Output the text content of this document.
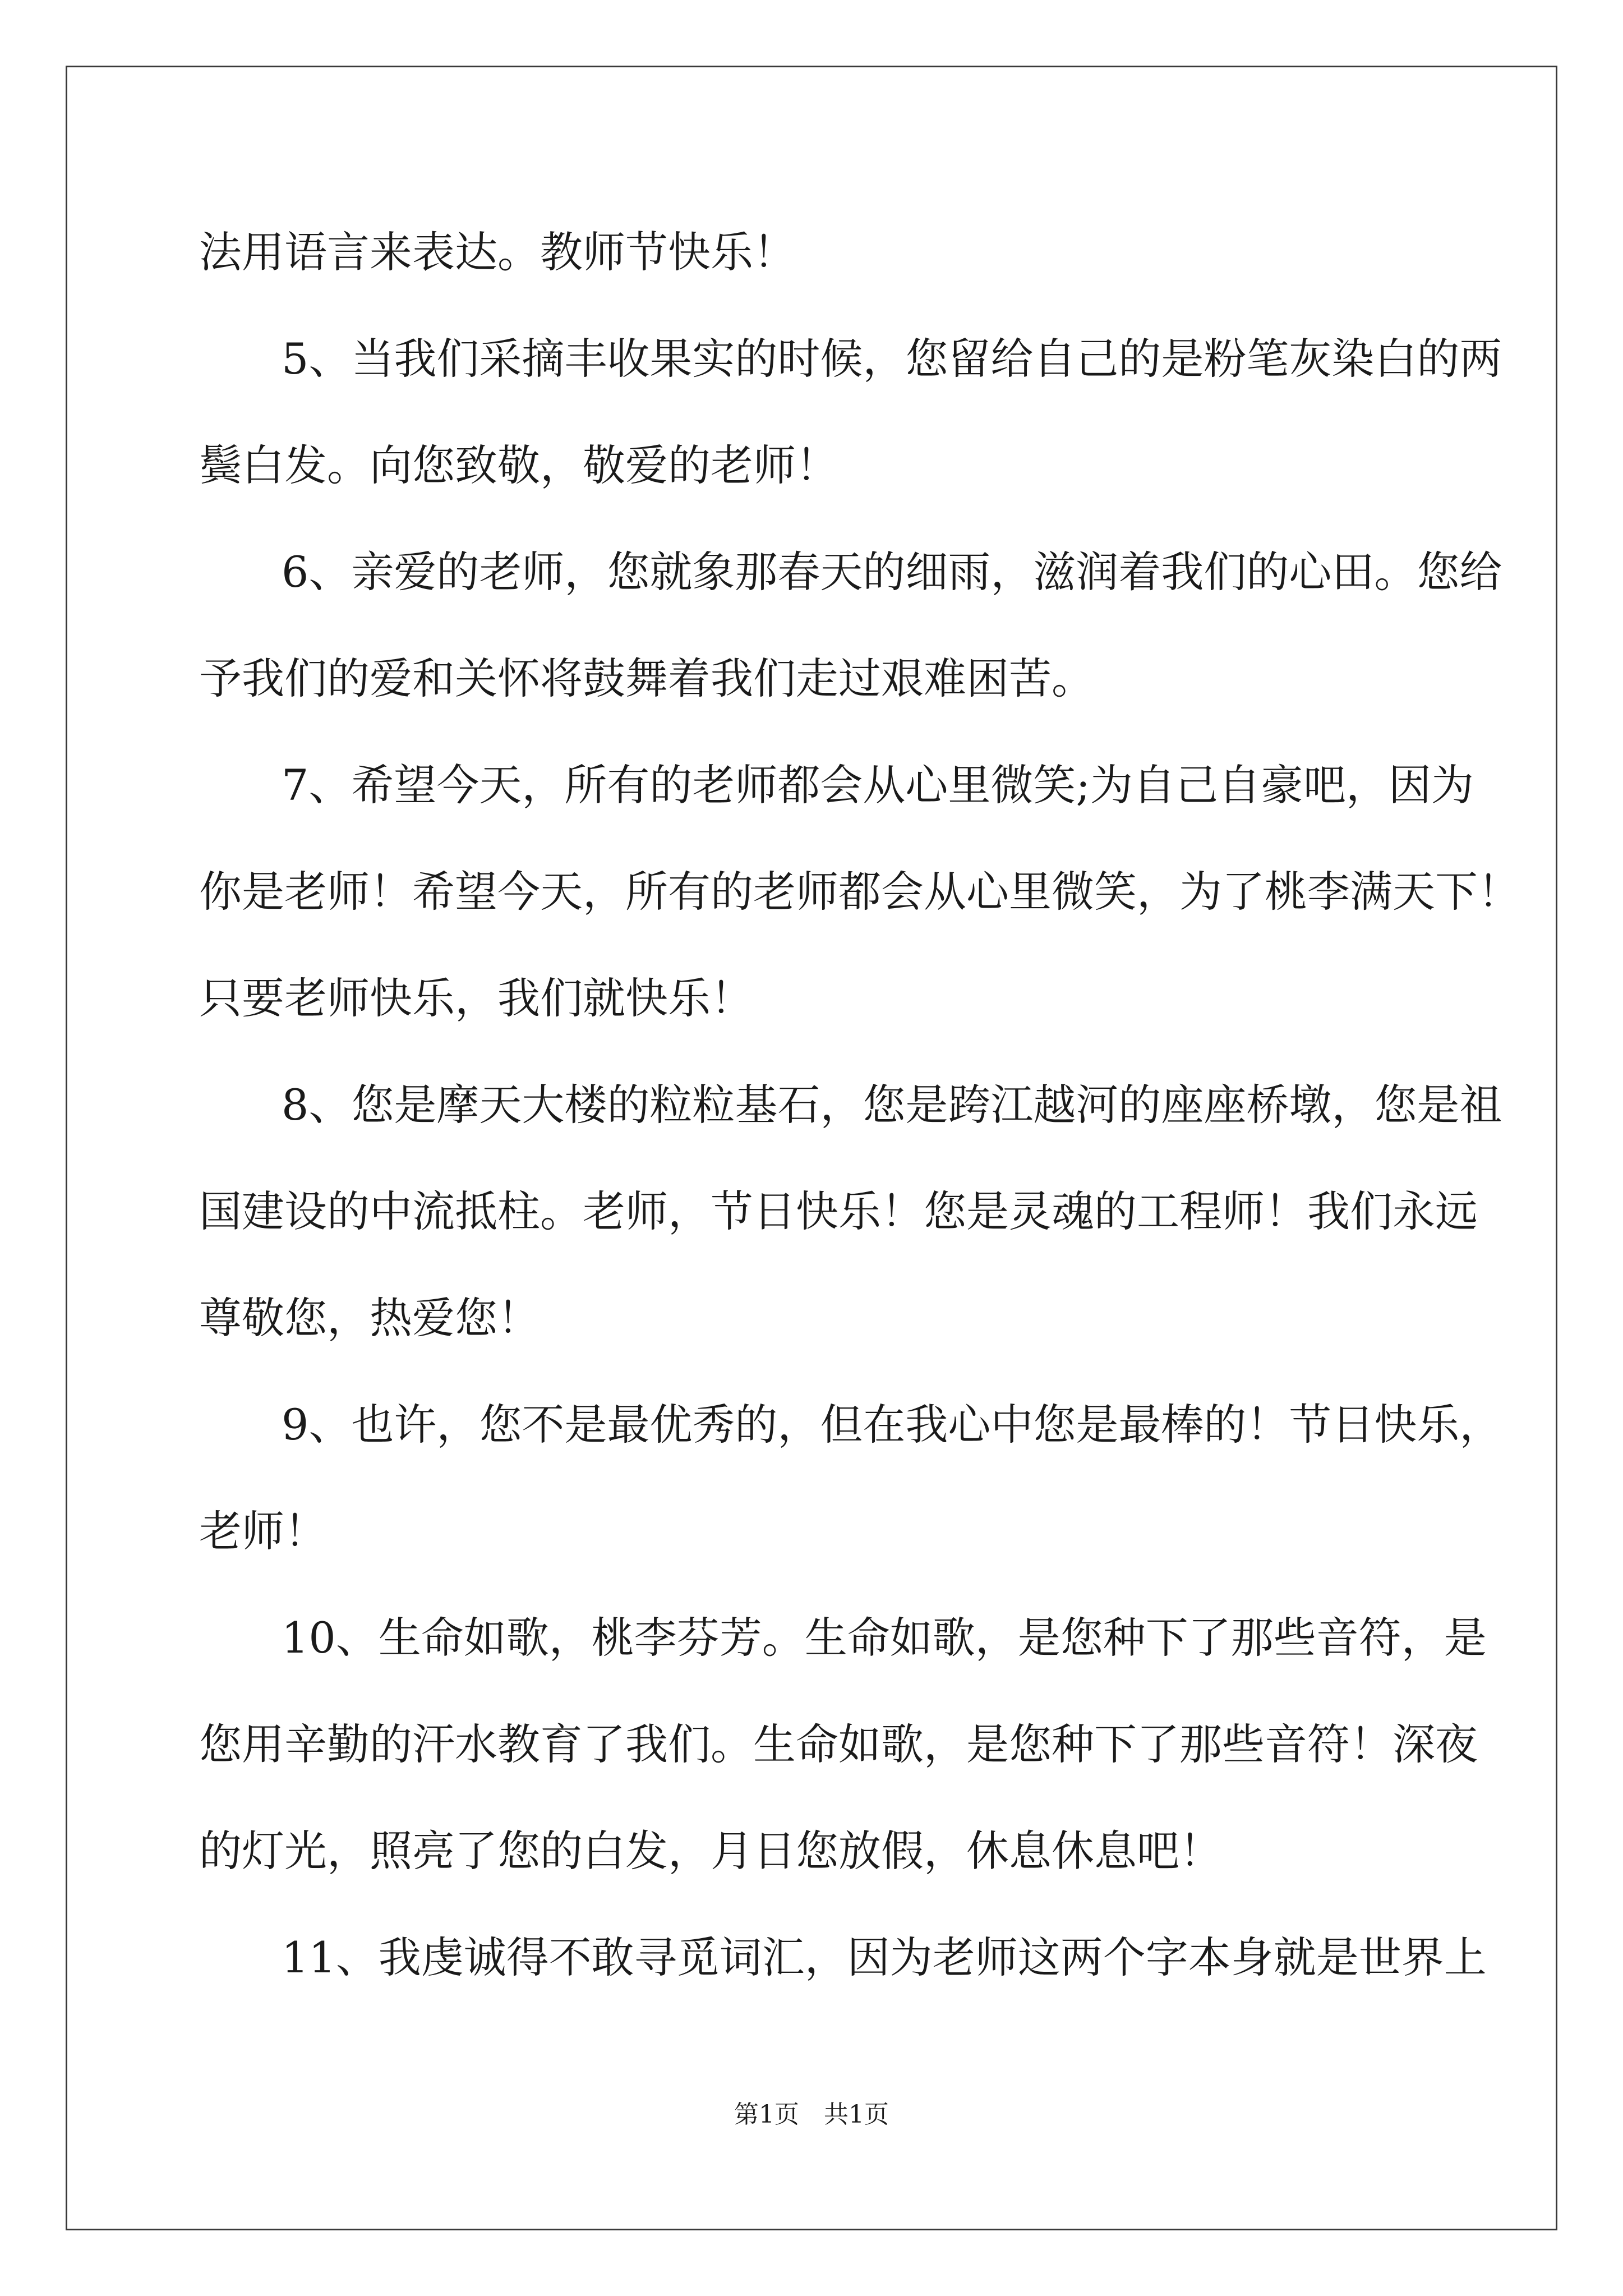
法用语言来表达。教师节快乐！
5、当我们采摘丰收果实的时候，您留给自己的是粉笔灰染白的两
鬓白发。向您致敬，敬爱的老师！
6、亲爱的老师，您就象那春天的细雨，滋润着我们的心田。您给
予我们的爱和关怀将鼓舞着我们走过艰难困苦。
7、希望今天，所有的老师都会从心里微笑;为自己自豪吧，因为
你是老师！希望今天，所有的老师都会从心里微笑，为了桃李满天下！
只要老师快乐，我们就快乐！
8、您是摩天大楼的粒粒基石，您是跨江越河的座座桥墩，您是祖
国建设的中流抵柱。老师，节日快乐！您是灵魂的工程师！我们永远
尊敬您，热爱您！
9、也许，您不是最优秀的，但在我心中您是最棒的！节日快乐，
老师！
10、生命如歌，桃李芬芳。生命如歌，是您种下了那些音符，是
您用辛勤的汗水教育了我们。生命如歌，是您种下了那些音符！深夜
的灯光，照亮了您的白发，月日您放假，休息休息吧！
11、我虔诚得不敢寻觅词汇，因为老师这两个字本身就是世界上
第1页　共1页
